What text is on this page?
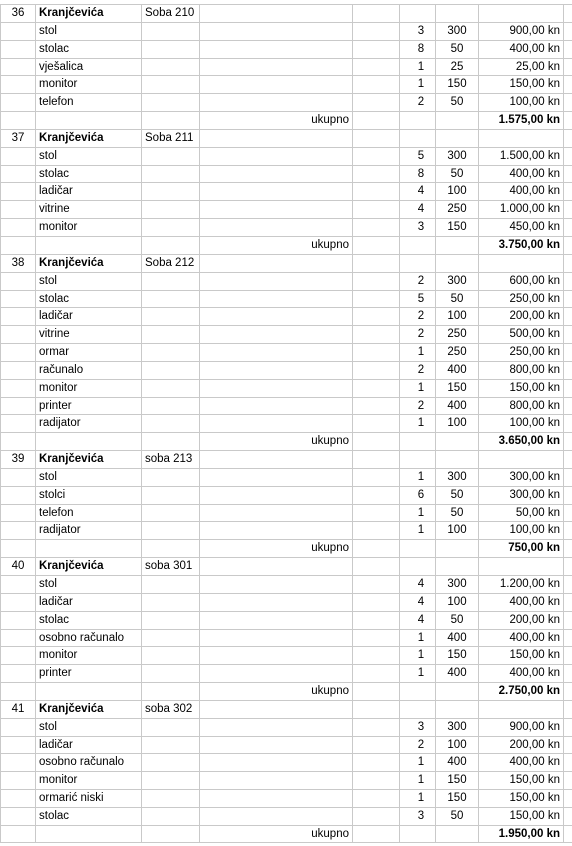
36	Kranjčevića	Soba 210
stol	3	300	900,00 kn
stolac	8	50	400,00 kn
vješalica	1	25	25,00 kn
monitor	1	150	150,00 kn
telefon	2	50	100,00 kn
ukupno	1.575,00 kn
37	Kranjčevića	Soba 211
stol	5	300	1.500,00 kn
stolac	8	50	400,00 kn
ladičar	4	100	400,00 kn
vitrine	4	250	1.000,00 kn
monitor	3	150	450,00 kn
ukupno	3.750,00 kn
38	Kranjčevića	Soba 212
stol	2	300	600,00 kn
stolac	5	50	250,00 kn
ladičar	2	100	200,00 kn
vitrine	2	250	500,00 kn
ormar	1	250	250,00 kn
računalo	2	400	800,00 kn
monitor	1	150	150,00 kn
printer	2	400	800,00 kn
radijator	1	100	100,00 kn
ukupno	3.650,00 kn
39	Kranjčevića	soba 213
stol	1	300	300,00 kn
stolci	6	50	300,00 kn
telefon	1	50	50,00 kn
radijator	1	100	100,00 kn
ukupno	750,00 kn
40	Kranjčevića	soba 301
stol	4	300	1.200,00 kn
ladičar	4	100	400,00 kn
stolac	4	50	200,00 kn
osobno računalo	1	400	400,00 kn
monitor	1	150	150,00 kn
printer	1	400	400,00 kn
ukupno	2.750,00 kn
41	Kranjčevića	soba 302
stol	3	300	900,00 kn
ladičar	2	100	200,00 kn
osobno računalo	1	400	400,00 kn
monitor	1	150	150,00 kn
ormarić niski	1	150	150,00 kn
stolac	3	50	150,00 kn
ukupno	1.950,00 kn
